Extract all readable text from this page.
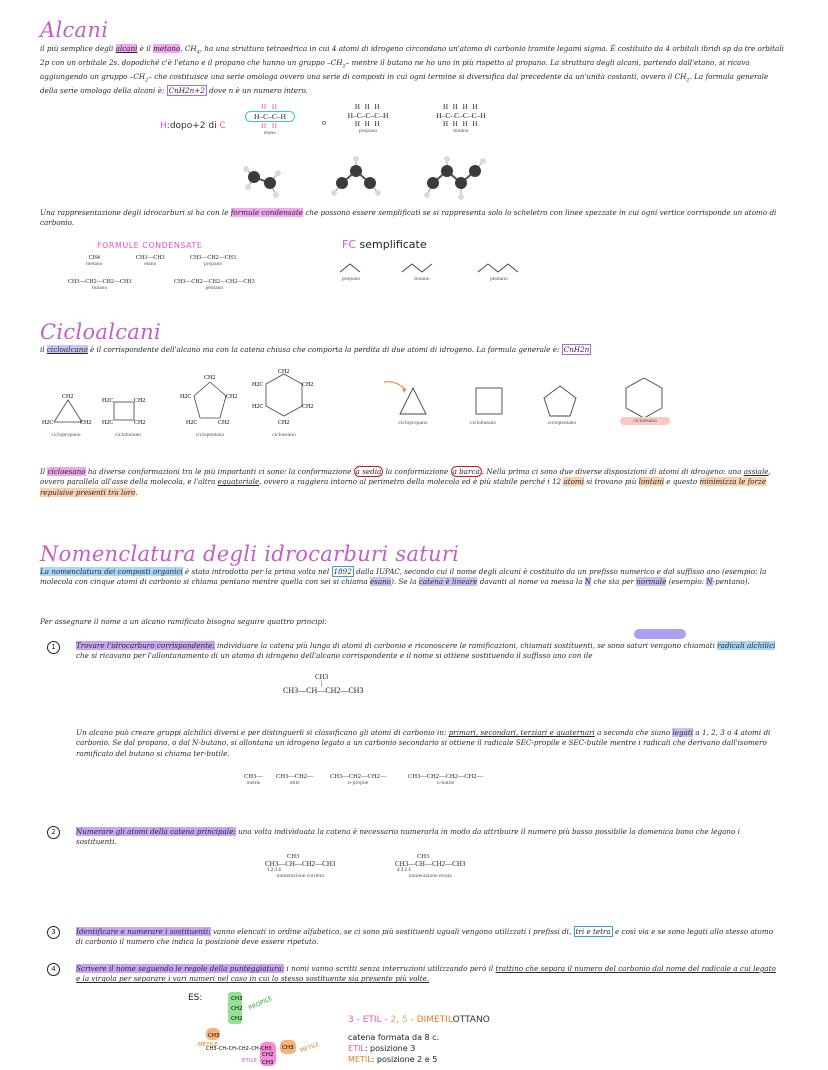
Alcani
il più semplice degli alcani è il metano, $CH_4$, ha una struttura tetraedrica in cui 4 atomi di idrogeno circondano un'atomo di carbonio tramite legami sigma. È costituito da 4 orbitali ibridi sp da tre orbitali 2p con un orbitale 2s. dopodiché c'è l'etano e il propano che hanno un gruppo $-CH_2-$ mentre il butano ne ho uno in più rispetto al propano. La struttura degli alcani, partendo dall'etano, si ricava aggiungendo un gruppo $-CH_2-$ che costituisce una serie omologa ovvero una serie di composti in cui ogni termine si diversifica dal precedente da un'unità costanti, ovvero il $CH_2$. La formula generale della serie omologa della alcani è: CnH2n+2 dove n è un numero intero.
H:dopo+2 di C
H H
H–C–C–H
H H
etano
o
H H H
H–C–C–C–H
H H H
propano
H H H H
H–C–C–C–C–H
H H H H
butano
Una rappresentazione degli idrocarburi si ha con le formule condensate che possono essere semplificati se si rappresenta solo lo scheletro con linee spezzate in cui ogni vertice corrisponde un atomo di carbonio.
FORMULE CONDENSATE
CH4
metano
CH3—CH3
etano
CH3—CH2—CH3
propano
CH3—CH2—CH2—CH3
butano
CH3—CH2—CH2—CH2—CH3
pentano
FC semplificate
propano	butano	pentano
Cicloalcani
il cicloalcano è il corrispondente dell'alcano ma con la catena chiusa che comporta la perdita di due atomi di idrogeno. La formula generale è: CnH2n
CH2
H2C	CH2
H2C	CH2
H2C	CH2
CH2
H2C	CH2
H2C	CH2
CH2
H2C	CH2
H2C	CH2
CH2
ciclopropano	ciclobutano	ciclopentano	cicloesano
ciclopropano	ciclobutano	ciclopentano	cicloesano
Il cicloesano ha diverse conformazioni tra le più importanti ci sono: la conformazione a sedia la conformazione a barca . Nella prima ci sono due diverse disposizioni di atomi di idrogeno: una assiale, ovvero parallela all'asse della molecola, e l'altra equatoriale, ovvero a raggiera intorno al perimetro della molecola ed è più stabile perché i 12 atomi si trovano più lontani e questo minimizza le forze repulsive presenti tra loro.
Nomenclatura degli idrocarburi saturi
La nomenclatura dei composti organici è stata introdotta per la prima volta nel 1892 dalla IUPAC, secondo cui il nome degli alcani è costituito da un prefisso numerico e dal suffisso ano (esempio: la molecola con cinque atomi di carbonio si chiama pentano mentre quella con sei si chiama esano). Se la catena è lineare davanti al nome va messa la N che sta per normale (esempio: N-pentano).
Per assegnare il nome a un alcano ramificato bisogna seguire quattro principi:
1	Trovare l'idrocarburo corrispondente: individuare la catena più lunga di atomi di carbonio e riconoscere le ramificazioni, chiamati sostituenti, se sono saturi vengono chiamati radicali alchilici che si ricavano per l'allontanamento di un atomo di idrogeno dell'alcano corrispondente e il nome si ottiene sostituendo il suffisso ano con ile
CH3
|
CH3—CH—CH2—CH3
Un alcano può creare gruppi alchilici diversi e per distinguerli si classificano gli atomi di carbonio in: primari, secondari, terziari e quaternari a seconda che siano legati a 1, 2, 3 o 4 atomi di carbonio. Se dal propano, o dal N-butano, si allontana un idrogeno legato a un carbonio secondario si ottiene il radicale SEC-propile e SEC-butile mentre i radicali che derivano dall'isomero ramificato del butano si chiama ter-butile.
CH3—
metile
CH3—CH2—
etile
CH3—CH2—CH2—
n-propile
CH3—CH2—CH2—CH2—
n-butile
2	Numerare gli atomi della catena principale: una volta individuata la catena è necessario numerarla in modo da attribuire il numero più basso possibile la domenica bono che legano i sostituenti.
CH3
CH3—CH—CH2—CH3
1 2 3 4
numerazione corretta
CH3
CH3—CH—CH2—CH3
4 3 2 1
numerazione errata
3	Identificare e numerare i sostituenti: vanno elencati in ordine alfabetico, se ci sono più sostituenti uguali vengono utilizzati i prefissi di, tri e tetra e così via e se sono legati allo stesso atomo di carbonio il numero che indica la posizione deve essere ripetuto.
4	Scrivere il nome seguendo le regole della punteggiatura: i nomi vanno scritti senza interruzioni utilizzando però il trattino che separa il numero del carbonio dal nome del radicale a cui legato e la virgola per separare i vari numeri nel caso in cui lo stesso sostituente sia presente più volte.
ES:	CH3
CH2
CH2
CH3
CH3–CH–CH–CH2–CH–CH3
CH2
CH3
CH3
PROPILE
METILE	METILE
ETILE
3 - ETIL - 2, 5 - DIMETILOTTANO
catena formata da 8 c.
ETIL: posizione 3
METIL: posizione 2 e 5
